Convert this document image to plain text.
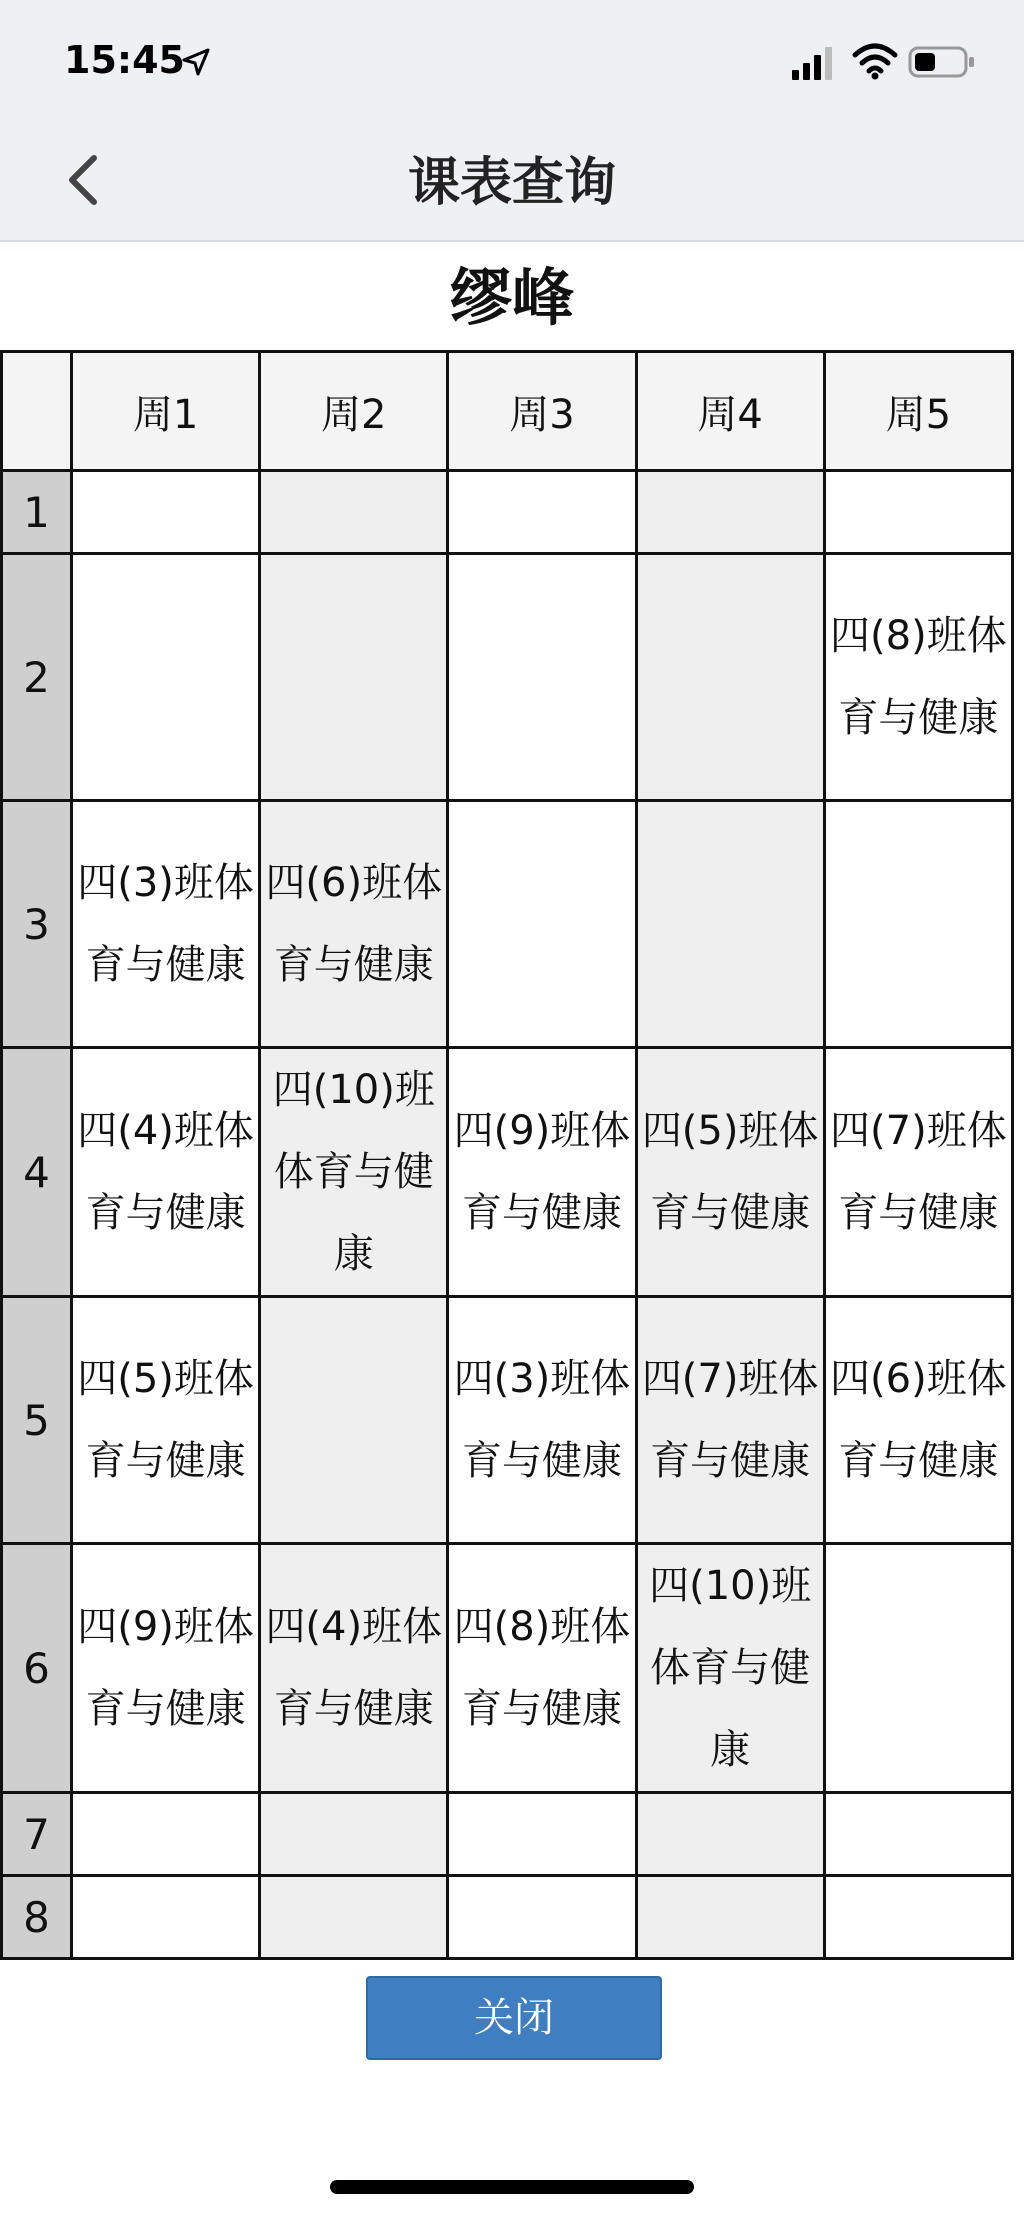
15:45
课表查询
缪峰
	周1	周2	周3	周4	周5
1	

2					四(8)班体育与健康

3	四(3)班体育与健康	四(6)班体育与健康			

4	四(4)班体育与健康	四(10)班体育与健康	四(9)班体育与健康	四(5)班体育与健康	四(7)班体育与健康

5	四(5)班体育与健康		四(3)班体育与健康	四(7)班体育与健康	四(6)班体育与健康

6	四(9)班体育与健康	四(4)班体育与健康	四(8)班体育与健康	四(10)班体育与健康	

7	

8	

关闭
